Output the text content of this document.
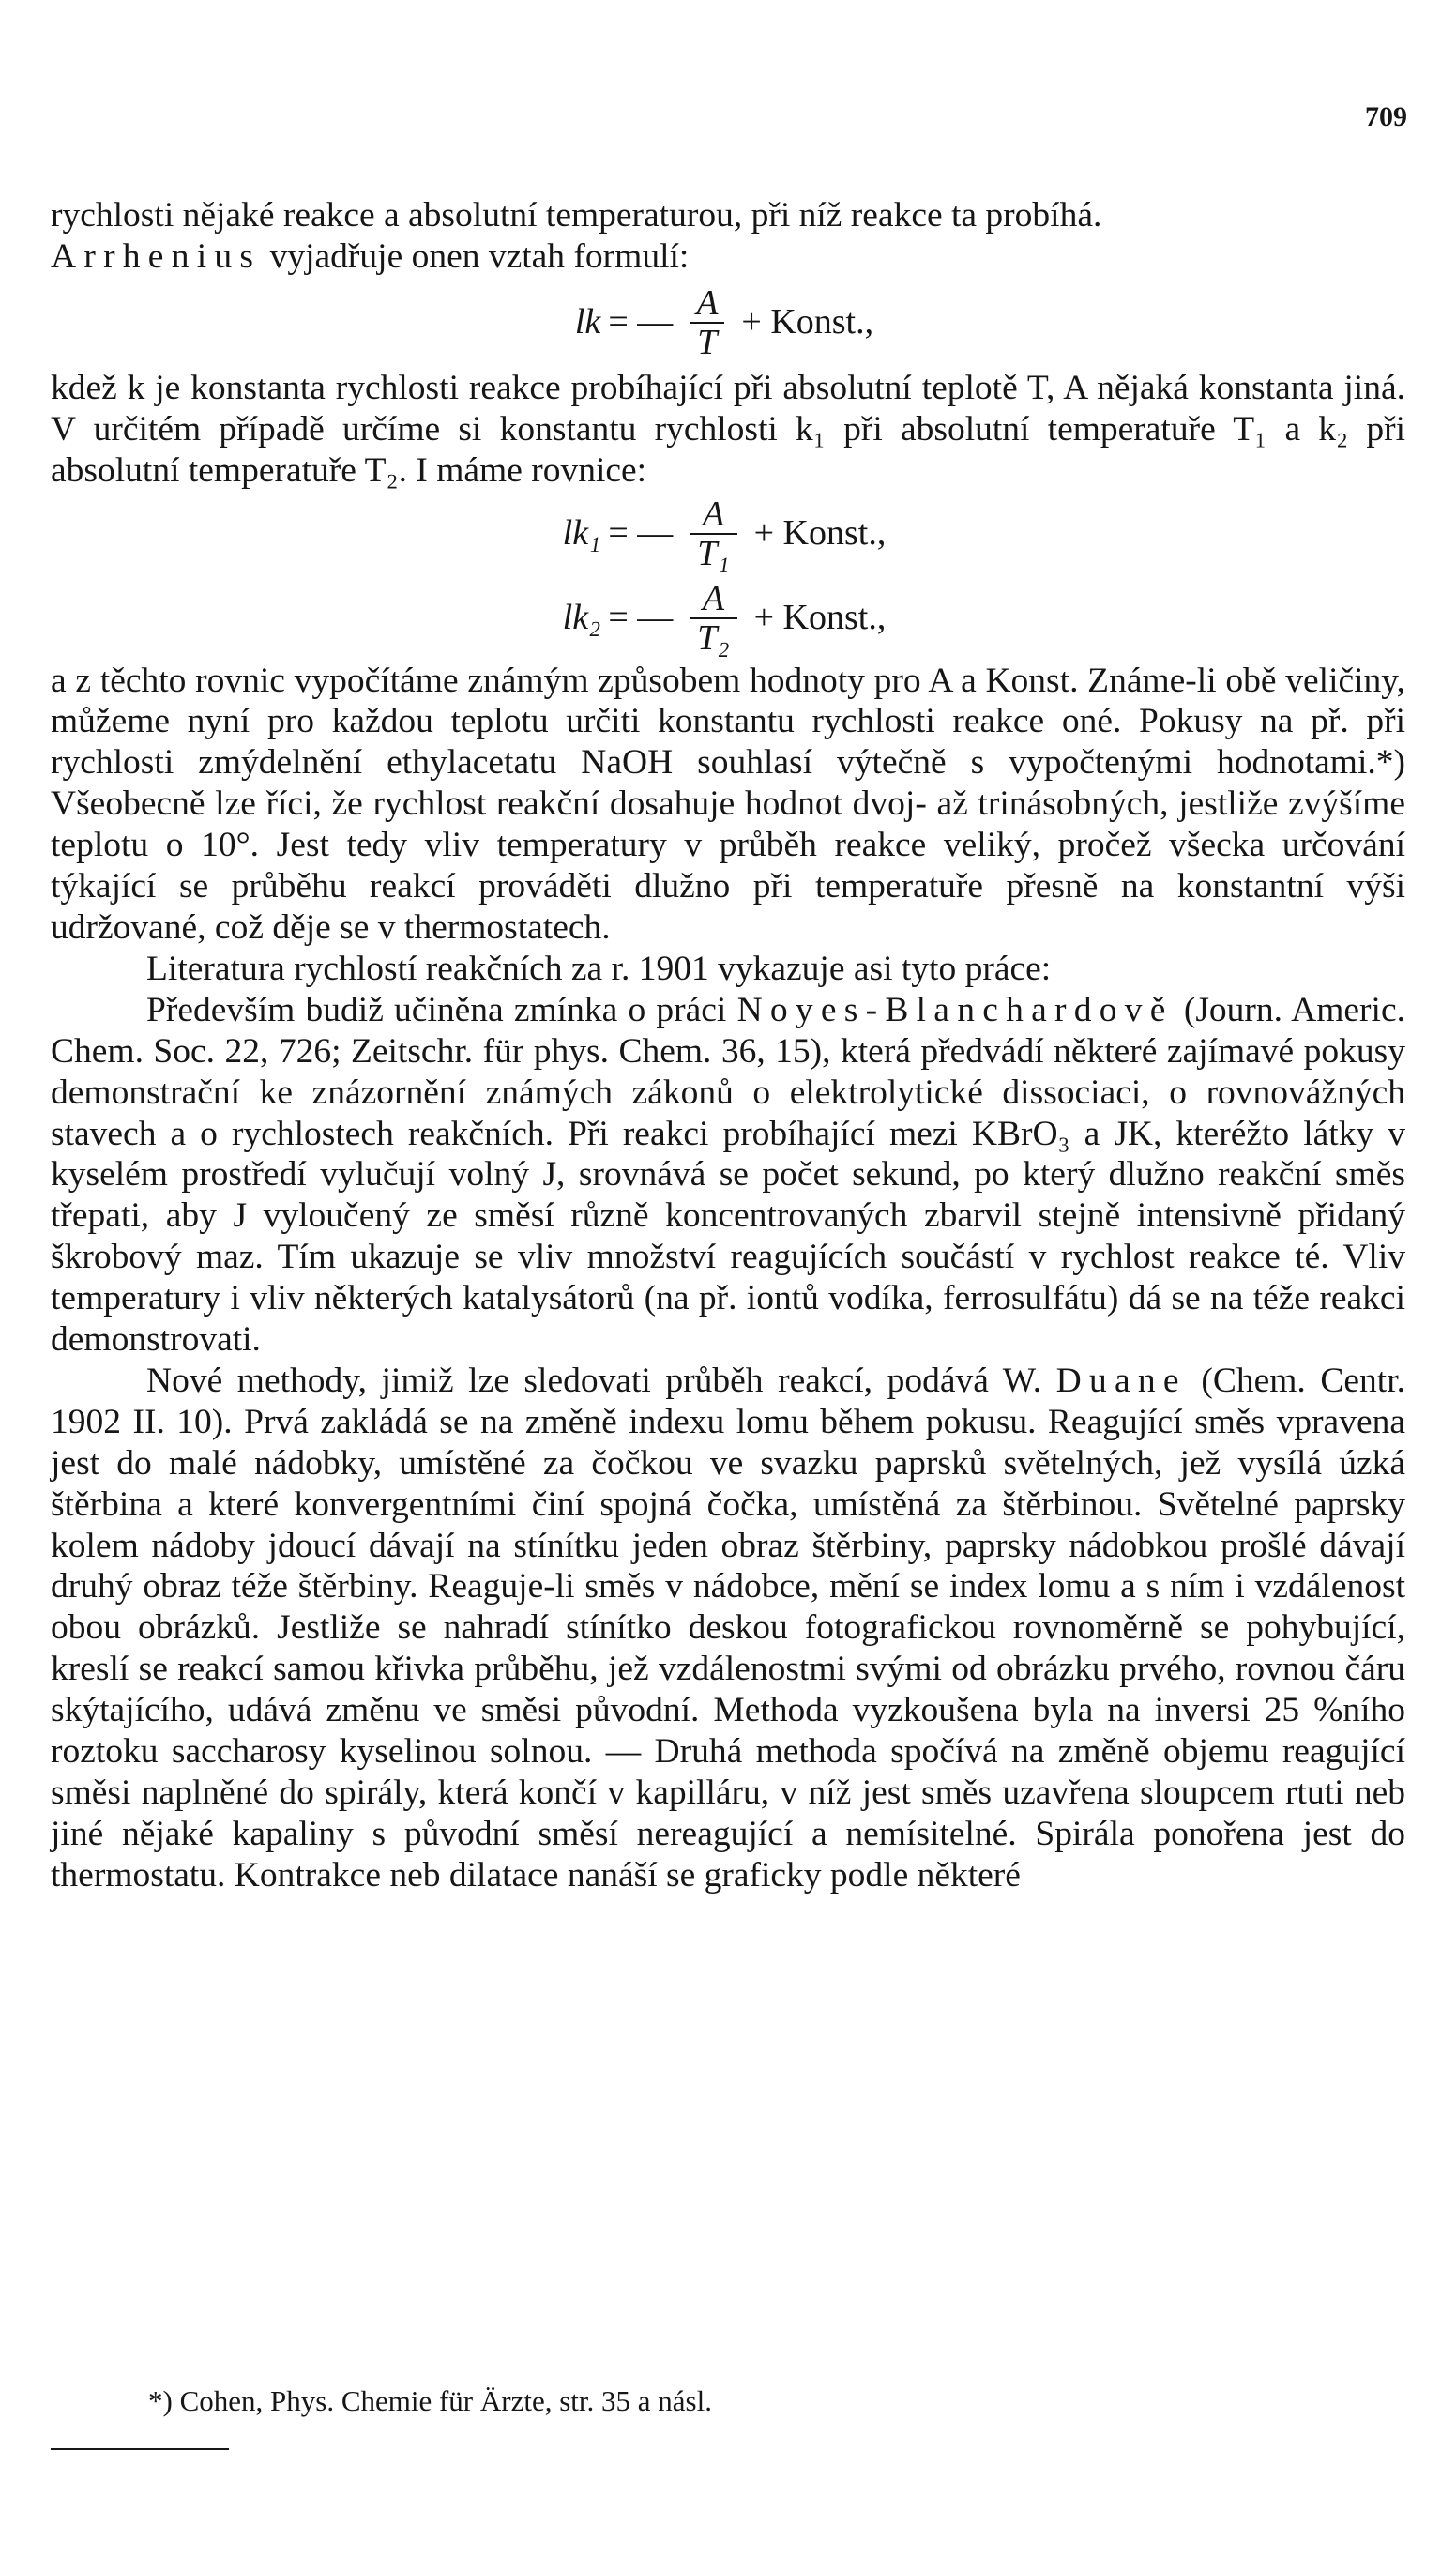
709

rychlosti nějaké reakce a absolutní temperaturou, při níž reakce ta probíhá.
Arrhenius vyjadřuje onen vztah formulí:

lk = — $\frac{A}{T}$ + Konst.,

kdež k je konstanta rychlosti reakce probíhající při absolutní teplotě T, A nějaká konstanta jiná. V určitém případě určíme si konstantu rychlosti k₁ při absolutní temperatuře T₁ a k₂ při absolutní temperatuře T₂. I máme rovnice:

lk₁ = — $\frac{A}{\text{T₁}}$ + Konst.,
lk₂ = — $\frac{A}{\text{T₂}}$ + Konst.,

a z těchto rovnic vypočítáme známým způsobem hodnoty pro A a Konst. Známe-li obě veličiny, můžeme nyní pro každou teplotu určiti konstantu rychlosti reakce oné. Pokusy na př. při rychlosti zmýdelnění ethylacetatu NaOH souhlasí výtečně s vypočtenými hodnotami.*) Všeobecně lze říci, že rychlost reakční dosahuje hodnot dvoj- až trinásobných, jestliže zvýšíme teplotu o 10°. Jest tedy vliv temperatury v průběh reakce veliký, pročež všecka určování týkající se průběhu reakcí prováděti dlužno při temperatuře přesně na konstantní výši udržované, což děje se v thermostatech.

Literatura rychlostí reakčních za r. 1901 vykazuje asi tyto práce:

Především budiž učiněna zmínka o práci Noyes-Blanchardově (Journ. Americ. Chem. Soc. 22, 726; Zeitschr. für phys. Chem. 36, 15), která předvádí některé zajímavé pokusy demonstrační ke znázornění známých zákonů o elektrolytické dissociaci, o rovnovážných stavech a o rychlostech reakčních. Při reakci probíhající mezi KBrO₃ a JK, kteréžto látky v kyselém prostředí vylučují volný J, srovnává se počet sekund, po který dlužno reakční směs třepati, aby J vyloučený ze směsí různě koncentrovaných zbarvil stejně intensivně přidaný škrobový maz. Tím ukazuje se vliv množství reagujících součástí v rychlost reakce té. Vliv temperatury i vliv některých katalysátorů (na př. iontů vodíka, ferrosulfátu) dá se na téže reakci demonstrovati.

Nové methody, jimiž lze sledovati průběh reakcí, podává W. Duane (Chem. Centr. 1902 II. 10). Prvá zakládá se na změně indexu lomu během pokusu. Reagující směs vpravena jest do malé nádobky, umístěné za čočkou ve svazku paprsků světelných, jež vysílá úzká štěrbina a které konvergentními činí spojná čočka, umístěná za štěrbinou. Světelné paprsky kolem nádoby jdoucí dávají na stínítku jeden obraz štěrbiny, paprsky nádobkou prošlé dávají druhý obraz téže štěrbiny. Reaguje-li směs v nádobce, mění se index lomu a s ním i vzdálenost obou obrázků. Jestliže se nahradí stínítko deskou fotografickou rovnoměrně se pohybující, kreslí se reakcí samou křivka průběhu, jež vzdálenostmi svými od obrázku prvého, rovnou čáru skýtajícího, udává změnu ve směsi původní. Methoda vyzkoušena byla na inversi 25 %ního roztoku saccharosy kyselinou solnou. — Druhá methoda spočívá na změně objemu reagující směsi naplněné do spirály, která končí v kapilláru, v níž jest směs uzavřena sloupcem rtuti neb jiné nějaké kapaliny s původní směsí nereagující a nemísitelné. Spirála ponořena jest do thermostatu. Kontrakce neb dilatace nanáší se graficky podle některé

*) Cohen, Phys. Chemie für Ärzte, str. 35 a násl.
